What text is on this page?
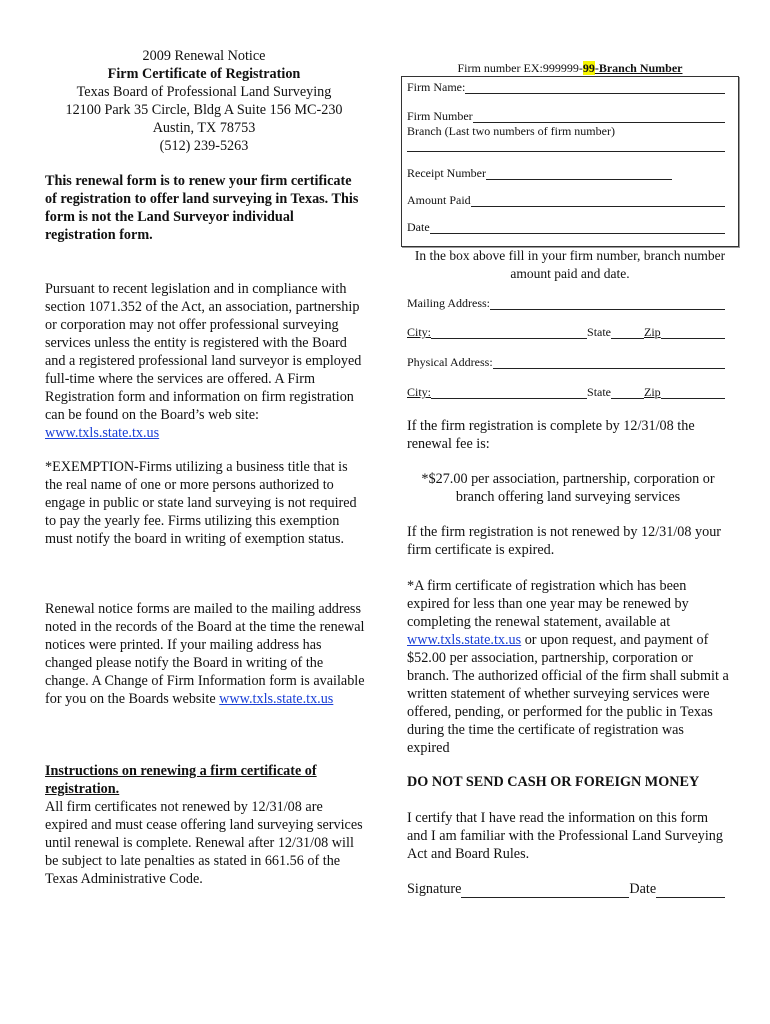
2009 Renewal Notice
Firm Certificate of Registration
Texas Board of Professional Land Surveying
12100 Park 35 Circle, Bldg A Suite 156 MC-230
Austin, TX 78753
(512) 239-5263
This renewal form is to renew your firm certificate of registration to offer land surveying in Texas. This form is not the Land Surveyor individual registration form.
Pursuant to recent legislation and in compliance with section 1071.352 of the Act, an association, partnership or corporation may not offer professional surveying services unless the entity is registered with the Board and a registered professional land surveyor is employed full-time where the services are offered. A Firm Registration form and information on firm registration can be found on the Board’s web site: www.txls.state.tx.us
*EXEMPTION-Firms utilizing a business title that is the real name of one or more persons authorized to engage in public or state land surveying is not required to pay the yearly fee. Firms utilizing this exemption must notify the board in writing of exemption status.
Renewal notice forms are mailed to the mailing address noted in the records of the Board at the time the renewal notices were printed. If your mailing address has changed please notify the Board in writing of the change. A Change of Firm Information form is available for you on the Boards website www.txls.state.tx.us
Instructions on renewing a firm certificate of registration.
All firm certificates not renewed by 12/31/08 are expired and must cease offering land surveying services until renewal is complete. Renewal after 12/31/08 will be subject to late penalties as stated in 661.56 of the Texas Administrative Code.
Firm number EX:999999-99-Branch Number
Firm Name:
Firm Number
Branch (Last two numbers of firm number)
Receipt Number
Amount Paid
Date
In the box above fill in your firm number, branch number amount paid and date.
Mailing Address:
City:	State	Zip
Physical Address:
City:	State	Zip
If the firm registration is complete by 12/31/08 the renewal fee is:
*$27.00 per association, partnership, corporation or branch offering land surveying services
If the firm registration is not renewed by 12/31/08 your firm certificate is expired.
*A firm certificate of registration which has been expired for less than one year may be renewed by completing the renewal statement, available at www.txls.state.tx.us or upon request, and payment of $52.00 per association, partnership, corporation or branch. The authorized official of the firm shall submit a written statement of whether surveying services were offered, pending, or performed for the public in Texas during the time the certificate of registration was expired
DO NOT SEND CASH OR FOREIGN MONEY
I certify that I have read the information on this form and I am familiar with the Professional Land Surveying Act and Board Rules.
Signature	Date
